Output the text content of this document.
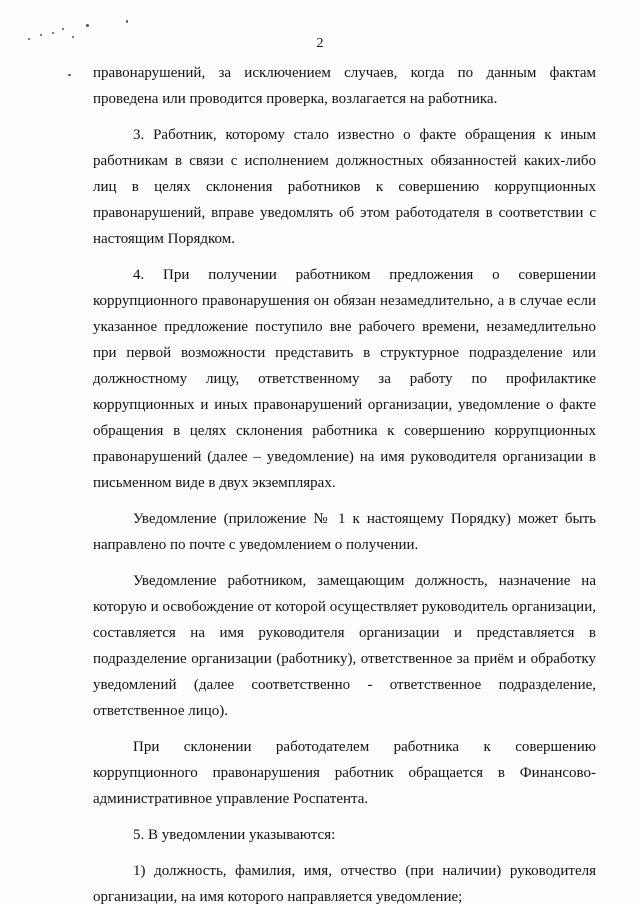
2

правонарушений, за исключением случаев, когда по данным фактам проведена или проводится проверка, возлагается на работника.

3. Работник, которому стало известно о факте обращения к иным работникам в связи с исполнением должностных обязанностей каких-либо лиц в целях склонения работников к совершению коррупционных правонарушений, вправе уведомлять об этом работодателя в соответствии с настоящим Порядком.

4. При получении работником предложения о совершении коррупционного правонарушения он обязан незамедлительно, а в случае если указанное предложение поступило вне рабочего времени, незамедлительно при первой возможности представить в структурное подразделение или должностному лицу, ответственному за работу по профилактике коррупционных и иных правонарушений организации, уведомление о факте обращения в целях склонения работника к совершению коррупционных правонарушений (далее – уведомление) на имя руководителя организации в письменном виде в двух экземплярах.

Уведомление (приложение № 1 к настоящему Порядку) может быть направлено по почте с уведомлением о получении.

Уведомление работником, замещающим должность, назначение на которую и освобождение от которой осуществляет руководитель организации, составляется на имя руководителя организации и представляется в подразделение организации (работнику), ответственное за приём и обработку уведомлений (далее соответственно - ответственное подразделение, ответственное лицо).

При склонении работодателем работника к совершению коррупционного правонарушения работник обращается в Финансово-административное управление Роспатента.

5. В уведомлении указываются:

1) должность, фамилия, имя, отчество (при наличии) руководителя организации, на имя которого направляется уведомление;
